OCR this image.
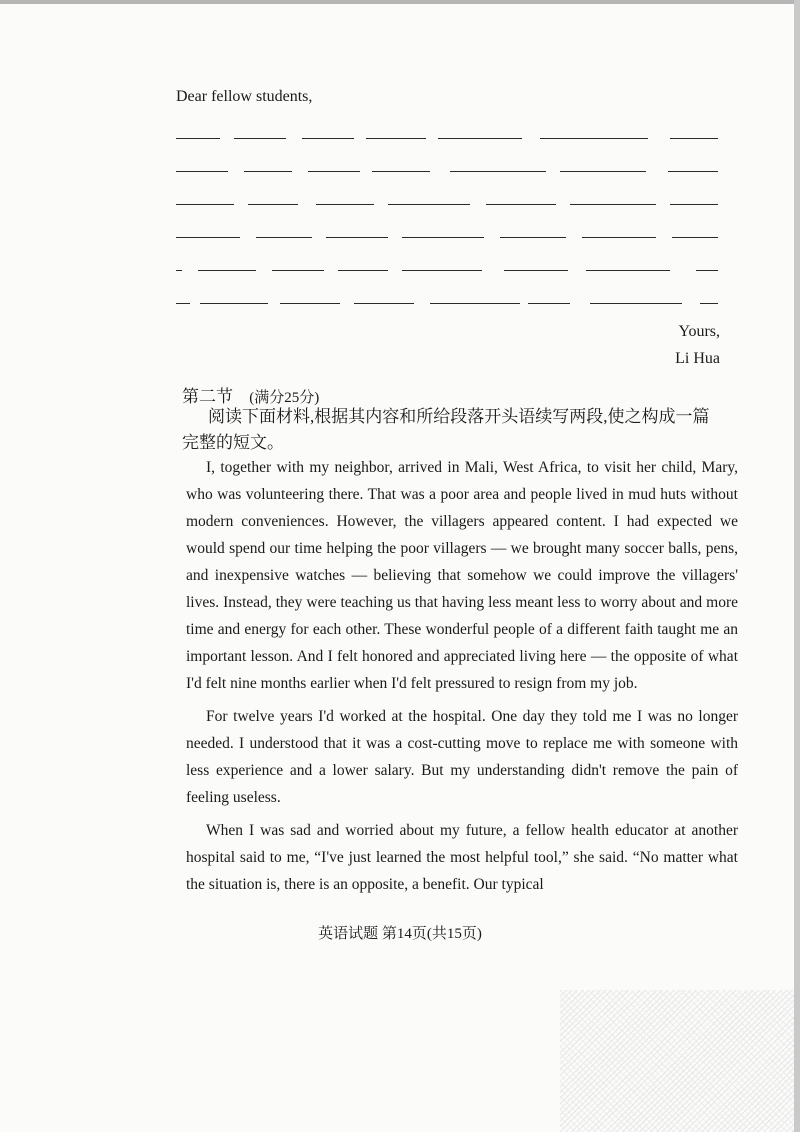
Dear fellow students,
Yours,
Li Hua
第二节 (满分25分)
阅读下面材料,根据其内容和所给段落开头语续写两段,使之构成一篇完整的短文。

I, together with my neighbor, arrived in Mali, West Africa, to visit her child, Mary, who was volunteering there. That was a poor area and people lived in mud huts without modern conveniences. However, the villagers appeared content. I had expected we would spend our time helping the poor villagers — we brought many soccer balls, pens, and inexpensive watches — believing that somehow we could improve the villagers' lives. Instead, they were teaching us that having less meant less to worry about and more time and energy for each other. These wonderful people of a different faith taught me an important lesson. And I felt honored and appreciated living here — the opposite of what I'd felt nine months earlier when I'd felt pressured to resign from my job.

For twelve years I'd worked at the hospital. One day they told me I was no longer needed. I understood that it was a cost-cutting move to replace me with someone with less experience and a lower salary. But my understanding didn't remove the pain of feeling useless.

When I was sad and worried about my future, a fellow health educator at another hospital said to me, “I've just learned the most helpful tool,” she said. “No matter what the situation is, there is an opposite, a benefit. Our typical

英语试题 第14页(共15页)
